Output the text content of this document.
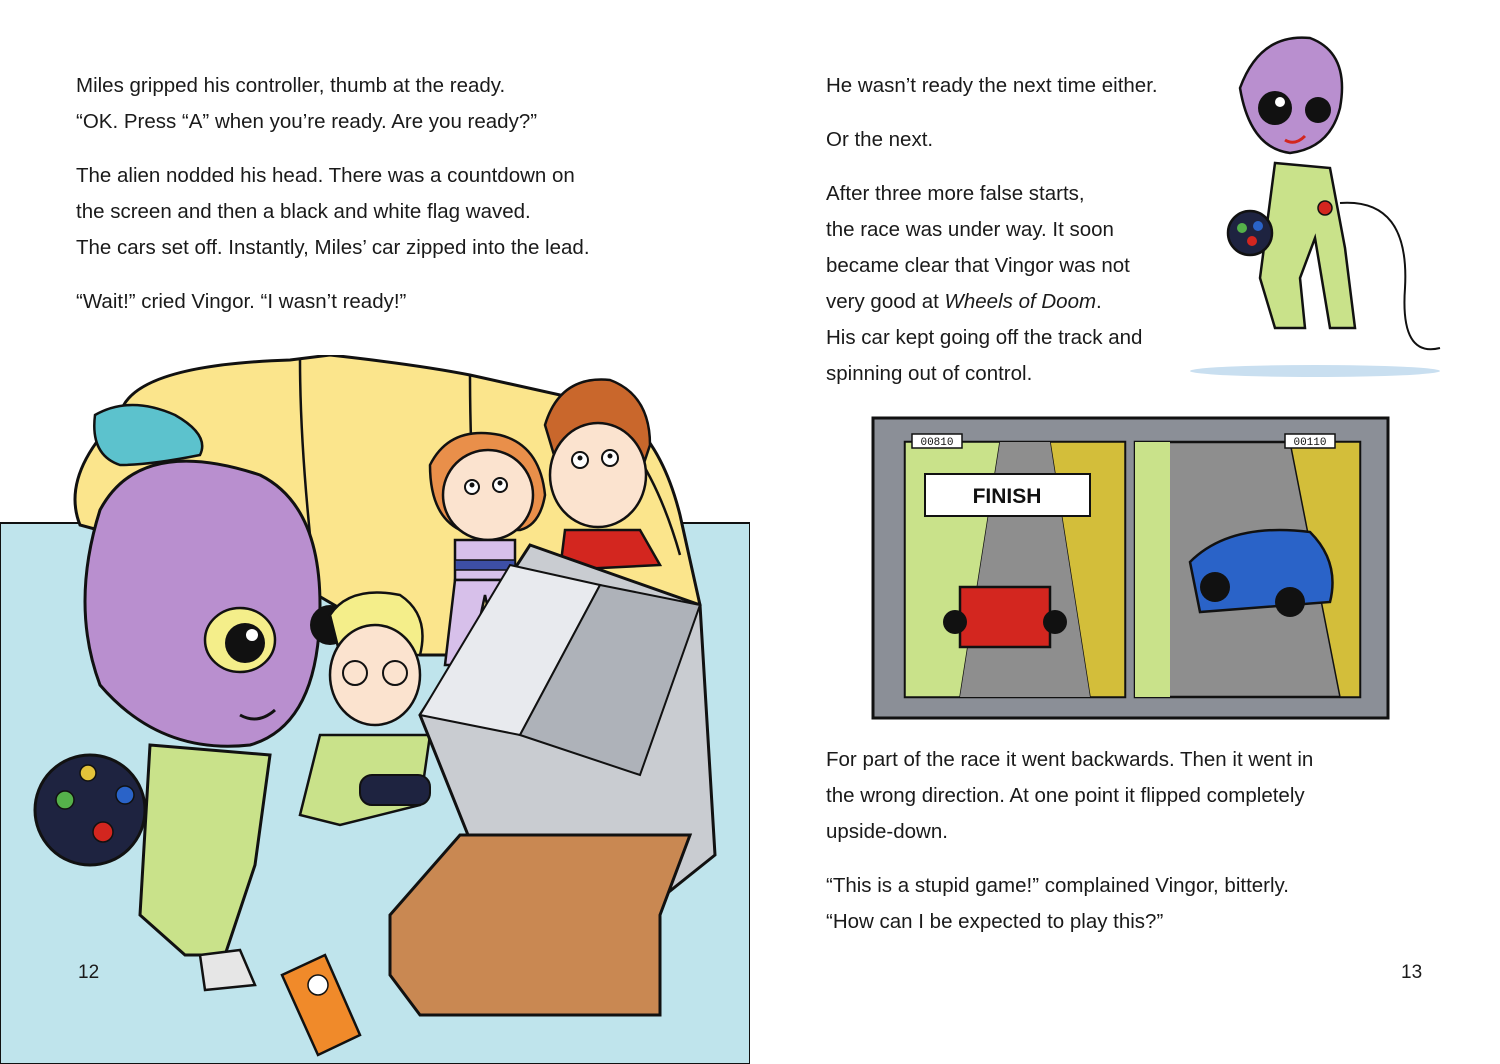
Miles gripped his controller, thumb at the ready.
“OK. Press “A” when you’re ready. Are you ready?”

The alien nodded his head. There was a countdown on
the screen and then a black and white flag waved.
The cars set off. Instantly, Miles’ car zipped into the lead.

“Wait!” cried Vingor. “I wasn’t ready!”

12

He wasn’t ready the next time either.

Or the next.

After three more false starts,
the race was under way. It soon
became clear that Vingor was not
very good at Wheels of Doom.
His car kept going off the track and
spinning out of control.

FINISH
00810	00110

For part of the race it went backwards. Then it went in
the wrong direction. At one point it flipped completely
upside-down.

“This is a stupid game!” complained Vingor, bitterly.
“How can I be expected to play this?”

13
